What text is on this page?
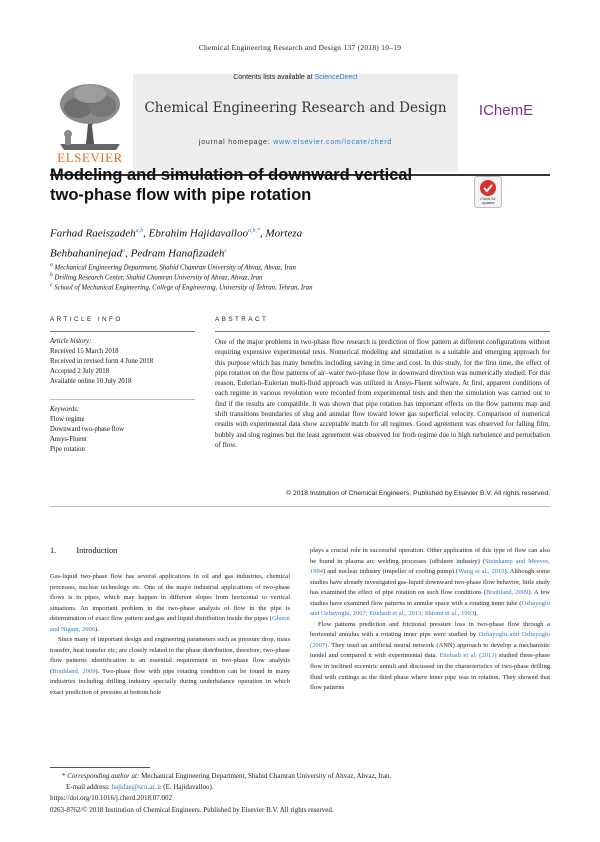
Chemical Engineering Research and Design 137 (2018) 10–19
ELSEVIER
Contents lists available at ScienceDirect
Chemical Engineering Research and Design
journal homepage: www.elsevier.com/locate/cherd
IChemE
Modeling and simulation of downward vertical
two-phase flow with pipe rotation	Check for updates
Farhad Raeiszadeh$^{a,b}$, Ebrahim Hajidavalloo$^{a,b,*}$, Morteza
Behbahaninejad$^a$, Pedram Hanafizadeh$^c$
$^a$ Mechanical Engineering Department, Shahid Chamran University of Ahvaz, Ahvaz, Iran
$^b$ Drilling Research Center, Shahid Chamran University of Ahvaz, Ahvaz, Iran
$^c$ School of Mechanical Engineering, College of Engineering, University of Tehran, Tehran, Iran
ARTICLE INFO
Article history:
Received 15 March 2018
Received in revised form 4 June 2018
Accepted 2 July 2018
Available online 10 July 2018
Keywords:
Flow regime
Downward two-phase flow
Ansys-Fluent
Pipe rotation
ABSTRACT
One of the major problems in two-phase flow research is prediction of flow pattern at different configurations without requiring expensive experimental tests. Numerical modeling and simulation is a suitable and emerging approach for this purpose which has many benefits including saving in time and cost. In this study, for the first time, the effect of pipe rotation on the flow patterns of air–water two-phase flow in downward direction was numerically studied. For this reason, Eulerian–Eulerian multi-fluid approach was utilized in Ansys-Fluent software. At first, apparent conditions of each regime in various revolution were recorded from experimental tests and then the simulation was carried out to find if the results are compatible. It was shown that pipe rotation has important effects on the flow patterns map and shift transitions boundaries of slug and annular flow toward lower gas superficial velocity. Comparison of numerical results with experimental data show acceptable match for all regimes. Good agreement was observed for falling film, bubbly and slug regimes but the least agreement was observed for froth regime due to high turbulence and perturbation of flow.
© 2018 Institution of Chemical Engineers. Published by Elsevier B.V. All rights reserved.
1. Introduction

Gas-liquid two-phase flow has several applications in oil and gas industries, chemical processes, nuclear technology etc. One of the major industrial applications of two-phase flows is in pipes, which may happen in different slopes from horizontal to vertical situations. An important problem in the two-phase analysis of flow in the pipe is determination of exact flow pattern and gas and liquid distribution inside the pipes (Ghorai and Nigam, 2006).

Since many of important design and engineering parameters such as pressure drop, mass transfer, heat transfer etc, are closely related to the phase distribution, therefore, two-phase flow patterns identification is an essential requirement in two-phase flow analysis (Brathland, 2009). Two-phase flow with pipe rotating condition can be found in many industries including drilling industry specially during underbalance operation in which exact prediction of pressure at bottom hole

plays a crucial role in successful operation. Other application of this type of flow can also be found in plasma arc welding processes (offshore industry) (Steinkamp and Meeves, 1994) and nuclear industry (impeller of cooling pump) (Wang et al., 2015). Although some studies have already investigated gas-liquid downward two-phase flow behavior, little study has examined the effect of pipe rotation on such flow conditions (Brathland, 2009). A few studies have examined flow patterns in annular space with a rotating inner tube (Ozbayoglu and Ozbayoglu, 2007; Ettehadi et al., 2013; Shiomi et al., 1993).

Flow patterns prediction and frictional pressure loss in two-phase flow through a horizontal annulus with a rotating inner pipe were studied by Ozbayoglu and Ozbayoglu (2007). They used an artificial neural network (ANN) approach to develop a mechanistic model and compared it with experimental data. Ettehadi et al. (2013) studied three-phase flow in inclined eccentric annuli and discussed on the characteristics of two-phase drilling fluid with cuttings as the third phase where inner pipe was in rotation. They showed that flow patterns

* Corresponding author at: Mechanical Engineering Department, Shahid Chamran University of Ahvaz, Ahvaz, Iran.
E-mail address: hajidae@scu.ac.ir (E. Hajidavalloo).
https://doi.org/10.1016/j.cherd.2018.07.002
0263-8762/© 2018 Institution of Chemical Engineers. Published by Elsevier B.V. All rights reserved.
